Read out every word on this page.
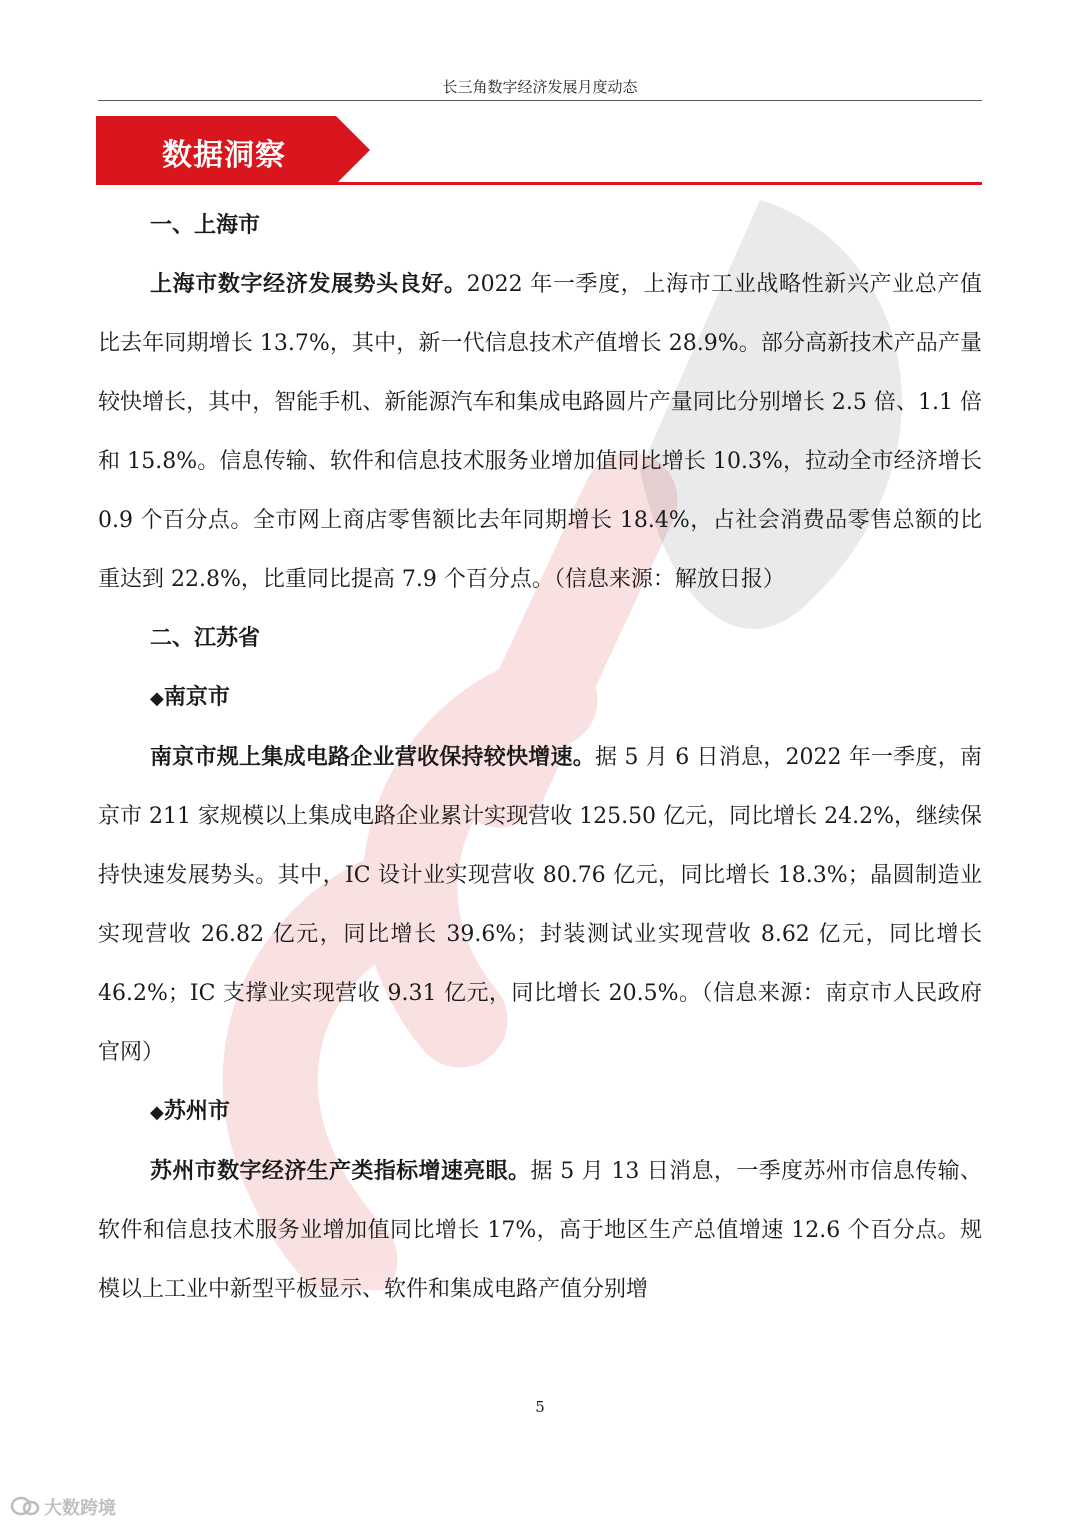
长三角数字经济发展月度动态
数据洞察

一、上海市

上海市数字经济发展势头良好。2022 年一季度，上海市工业战略性新兴产业总产值比去年同期增长 13.7%，其中，新一代信息技术产值增长 28.9%。部分高新技术产品产量较快增长，其中，智能手机、新能源汽车和集成电路圆片产量同比分别增长 2.5 倍、1.1 倍和 15.8%。信息传输、软件和信息技术服务业增加值同比增长 10.3%，拉动全市经济增长 0.9 个百分点。全市网上商店零售额比去年同期增长 18.4%，占社会消费品零售总额的比重达到 22.8%，比重同比提高 7.9 个百分点。（信息来源：解放日报）

二、江苏省

◆南京市

南京市规上集成电路企业营收保持较快增速。据 5 月 6 日消息，2022 年一季度，南京市 211 家规模以上集成电路企业累计实现营收 125.50 亿元，同比增长 24.2%，继续保持快速发展势头。其中，IC 设计业实现营收 80.76 亿元，同比增长 18.3%；晶圆制造业实现营收 26.82 亿元，同比增长 39.6%；封装测试业实现营收 8.62 亿元，同比增长 46.2%；IC 支撑业实现营收 9.31 亿元，同比增长 20.5%。（信息来源：南京市人民政府官网）

◆苏州市

苏州市数字经济生产类指标增速亮眼。据 5 月 13 日消息，一季度苏州市信息传输、软件和信息技术服务业增加值同比增长 17%，高于地区生产总值增速 12.6 个百分点。规模以上工业中新型平板显示、软件和集成电路产值分别增

5
大数跨境
